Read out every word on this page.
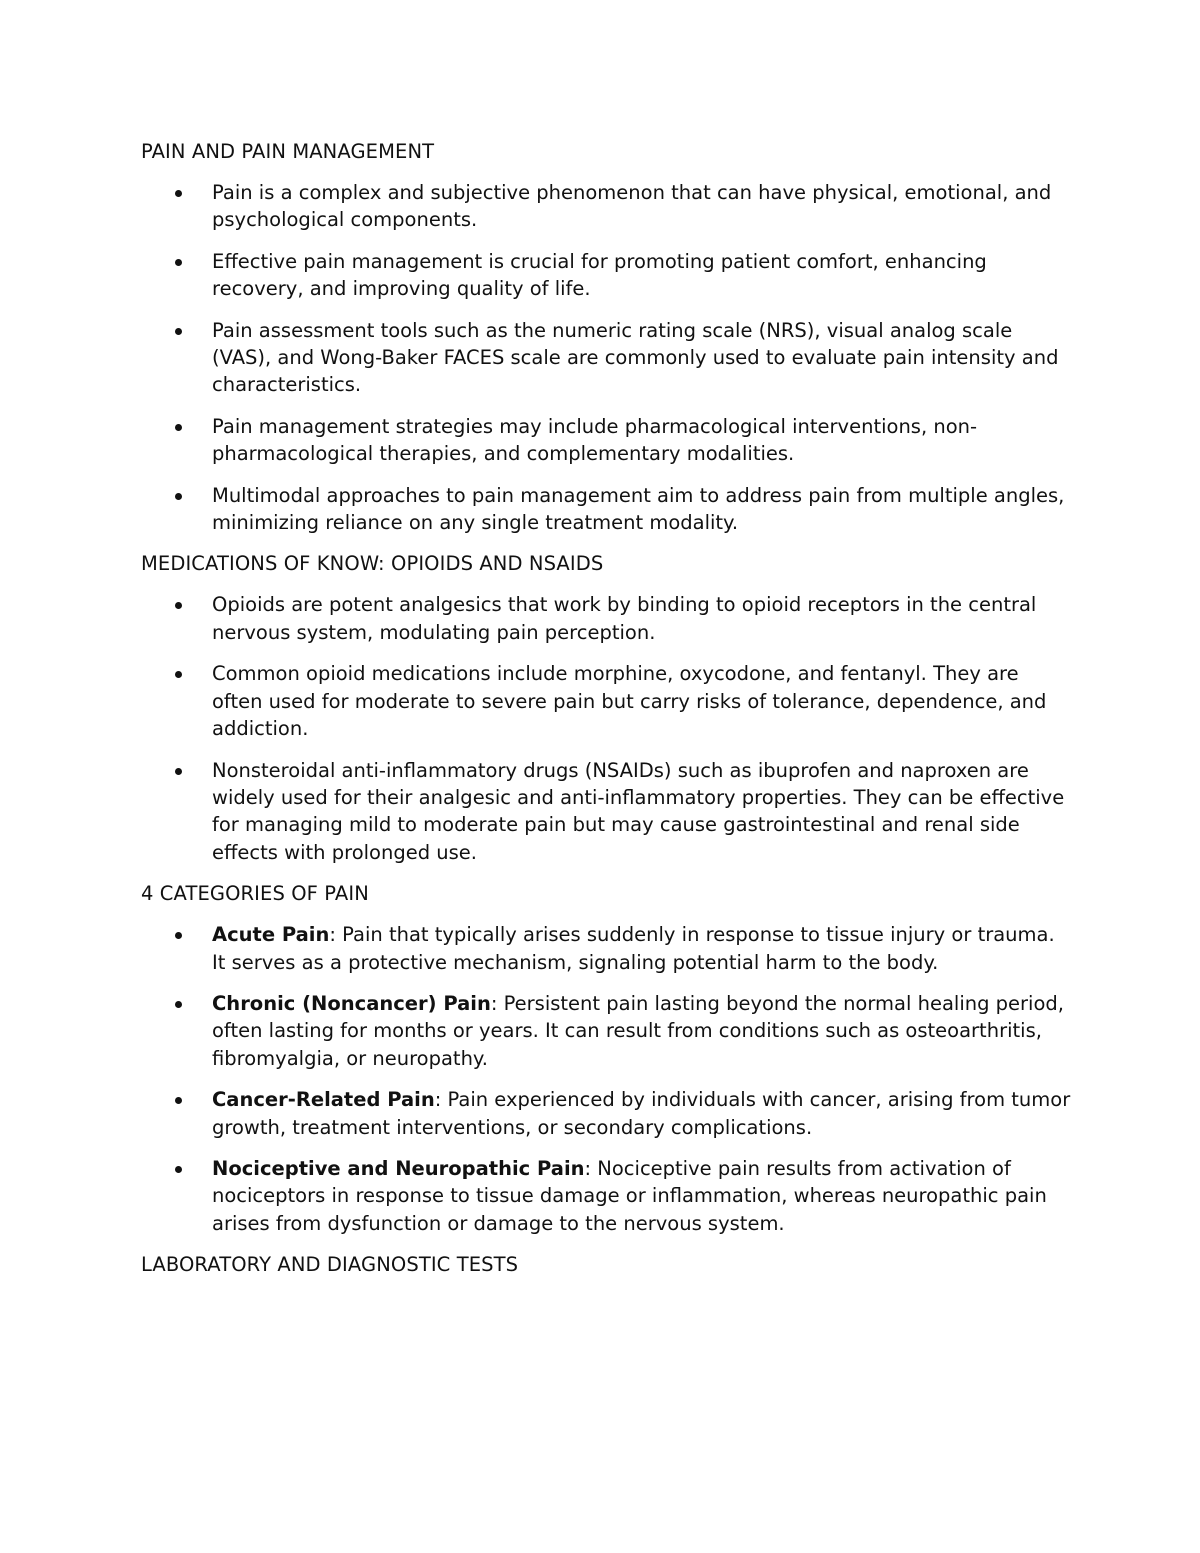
PAIN AND PAIN MANAGEMENT
Pain is a complex and subjective phenomenon that can have physical, emotional, and psychological components.
Effective pain management is crucial for promoting patient comfort, enhancing recovery, and improving quality of life.
Pain assessment tools such as the numeric rating scale (NRS), visual analog scale (VAS), and Wong-Baker FACES scale are commonly used to evaluate pain intensity and characteristics.
Pain management strategies may include pharmacological interventions, non-pharmacological therapies, and complementary modalities.
Multimodal approaches to pain management aim to address pain from multiple angles, minimizing reliance on any single treatment modality.
MEDICATIONS OF KNOW: OPIOIDS AND NSAIDS
Opioids are potent analgesics that work by binding to opioid receptors in the central nervous system, modulating pain perception.
Common opioid medications include morphine, oxycodone, and fentanyl. They are often used for moderate to severe pain but carry risks of tolerance, dependence, and addiction.
Nonsteroidal anti-inflammatory drugs (NSAIDs) such as ibuprofen and naproxen are widely used for their analgesic and anti-inflammatory properties. They can be effective for managing mild to moderate pain but may cause gastrointestinal and renal side effects with prolonged use.
4 CATEGORIES OF PAIN
Acute Pain: Pain that typically arises suddenly in response to tissue injury or trauma. It serves as a protective mechanism, signaling potential harm to the body.
Chronic (Noncancer) Pain: Persistent pain lasting beyond the normal healing period, often lasting for months or years. It can result from conditions such as osteoarthritis, fibromyalgia, or neuropathy.
Cancer-Related Pain: Pain experienced by individuals with cancer, arising from tumor growth, treatment interventions, or secondary complications.
Nociceptive and Neuropathic Pain: Nociceptive pain results from activation of nociceptors in response to tissue damage or inflammation, whereas neuropathic pain arises from dysfunction or damage to the nervous system.
LABORATORY AND DIAGNOSTIC TESTS
